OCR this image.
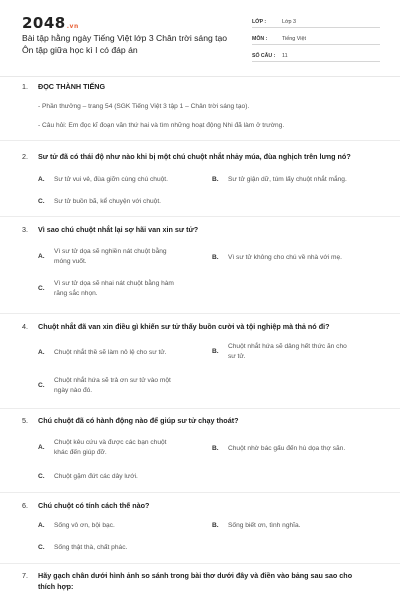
2048.vn
Bài tập hằng ngày Tiếng Việt lớp 3 Chân trời sáng tạo Ôn tập giữa học kì I có đáp án
LỚP :	Lớp 3
MÔN :	Tiếng Việt
SỐ CÂU :	11
1. ĐỌC THÀNH TIẾNG
- Phần thưởng – trang 54 (SGK Tiếng Việt 3 tập 1 – Chân trời sáng tạo).
- Câu hỏi: Em đọc kĩ đoạn văn thứ hai và tìm những hoạt động Nhi đã làm ở trường.
2. Sư tử đã có thái độ như nào khi bị một chú chuột nhắt nhảy múa, đùa nghịch trên lưng nó?
A. Sư tử vui vẻ, đùa giỡn cùng chú chuột.	B. Sư tử giận dữ, túm lấy chuột nhắt mắng.
C. Sư tử buồn bã, kể chuyện với chuột.
3. Vì sao chú chuột nhắt lại sợ hãi van xin sư tử?
A.
Vì sư tử dọa sẽ nghiền nát chuột bằng
móng vuốt.
B. Vì sư tử không cho chú về nhà với mẹ.
C.
Vì sư tử dọa sẽ nhai nát chuột bằng hàm
răng sắc nhọn.
4. Chuột nhắt đã van xin điều gì khiến sư tử thấy buồn cười và tội nghiệp mà thả nó đi?
A. Chuột nhắt thề sẽ làm nô lệ cho sư tử.	B.
Chuột nhắt hứa sẽ dâng hết thức ăn cho
sư tử.
C.
Chuột nhắt hứa sẽ trả ơn sư tử vào một
ngày nào đó.
5. Chú chuột đã có hành động nào để giúp sư tử chạy thoát?
A.
Chuột kêu cứu và được các bạn chuột
khác đến giúp đỡ.
B. Chuột nhờ bác gấu đến hù dọa thợ săn.
C. Chuột gặm đứt các dây lưới.
6. Chú chuột có tính cách thế nào?
A. Sống vô ơn, bội bạc.	B. Sống biết ơn, tình nghĩa.
C. Sống thật thà, chất phác.
7. Hãy gạch chân dưới hình ảnh so sánh trong bài thơ dưới đây và điền vào bảng sau sao cho
thích hợp:
